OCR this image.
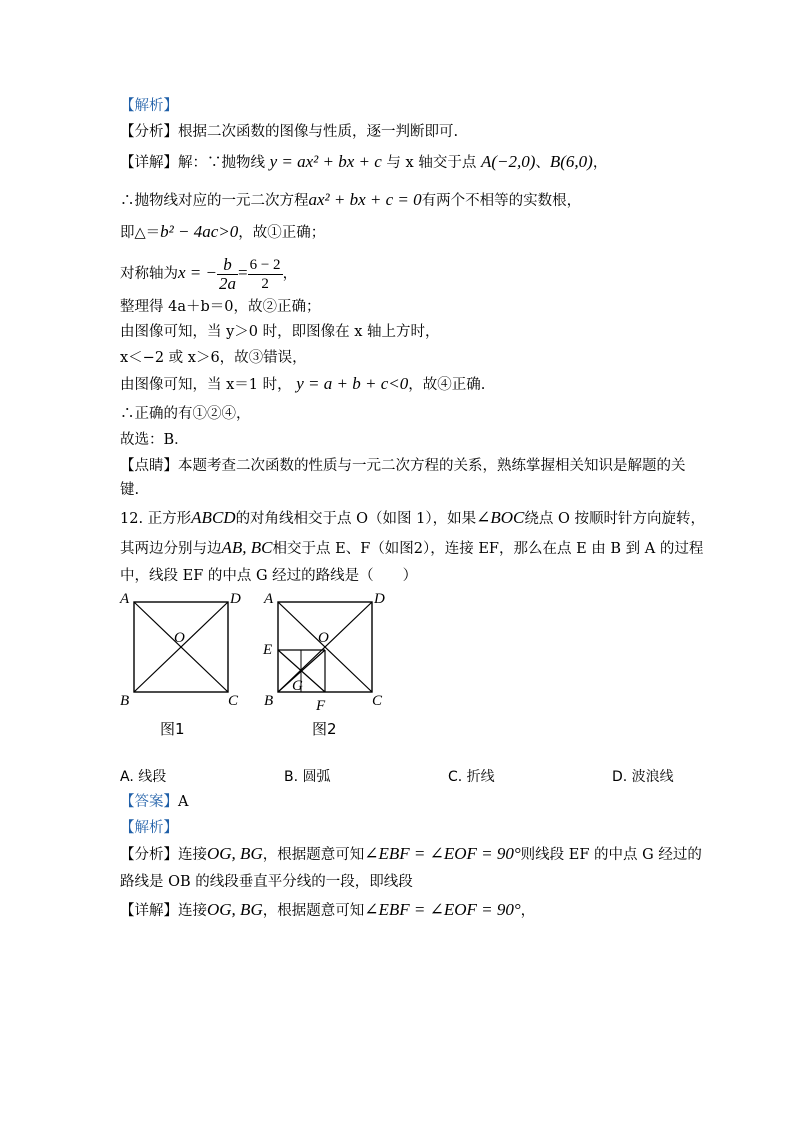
【解析】
【分析】根据二次函数的图像与性质，逐一判断即可.
【详解】解：∵抛物线 y = ax² + bx + c 与 x 轴交于点 A(−2,0)、B(6,0)，
∴抛物线对应的一元二次方程ax² + bx + c = 0有两个不相等的实数根，
即△＝b² − 4ac>0，故①正确；
对称轴为x = − $\frac{b}{2a} = \frac{6 - 2}{2}$ ，
整理得 4a＋b＝0，故②正确；
由图像可知，当 y＞0 时，即图像在 x 轴上方时，
x＜−2 或 x＞6，故③错误，
由图像可知，当 x＝1 时， y = a + b + c<0，故④正确.
∴正确的有①②④，
故选：B．
【点睛】本题考查二次函数的性质与一元二次方程的关系，熟练掌握相关知识是解题的关
键.
12. 正方形ABCD的对角线相交于点 O（如图 1），如果∠BOC绕点 O 按顺时针方向旋转，
其两边分别与边AB, BC相交于点 E、F（如图2），连接 EF，那么在点 E 由 B 到 A 的过程
中，线段 EF 的中点 G 经过的路线是（　　）
A	D
B	C
O
A	D
B	C
O
E
F
G
图1	图2
A. 线段	B. 圆弧	C. 折线	D. 波浪线
【答案】A
【解析】
【分析】连接OG, BG，根据题意可知∠EBF = ∠EOF = 90°则线段 EF 的中点 G 经过的
路线是 OB 的线段垂直平分线的一段，即线段
【详解】连接OG, BG，根据题意可知∠EBF = ∠EOF = 90°，
